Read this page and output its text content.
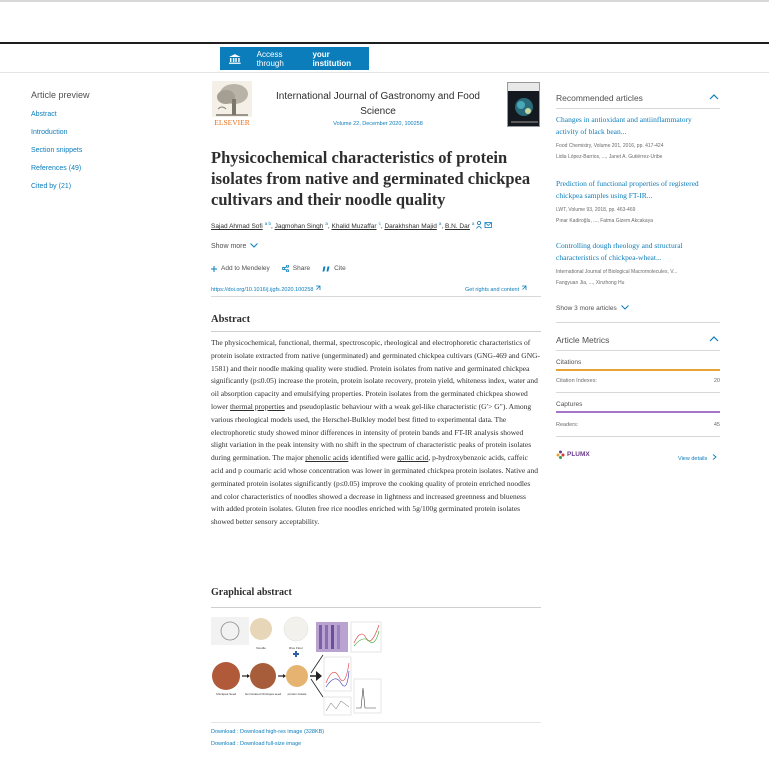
Access through

your institution
Article preview
Abstract
Introduction
Section snippets
References (49)
Cited by (21)
ELSEVIER
International Journal of Gastronomy and Food Science
Volume 22, December 2020, 100258
Physicochemical characteristics of protein isolates from native and germinated chickpea cultivars and their noodle quality
Sajad Ahmad Sofi $^{a b}$, Jagmohan Singh $^a$, Khalid Muzaffar $^c$, Darakhshan Majid $^a$, B.N. Dar $^a$
Show more
Add to Mendeley	Share	Cite
https://doi.org/10.1016/j.ijgfs.2020.100258	Get rights and content
Abstract

The physicochemical, functional, thermal, spectroscopic, rheological and electrophoretic characteristics of protein isolate extracted from native (ungerminated) and germinated chickpea cultivars (GNG-469 and GNG-1581) and their noodle making quality were studied. Protein isolates from native and germinated chickpea significantly (p≤0.05) increase the protein, protein isolate recovery, protein yield, whiteness index, water and oil absorption capacity and emulsifying properties. Protein isolates from the germinated chickpea showed lower thermal properties and pseudoplastic behaviour with a weak gel-like characteristic (G′> G″). Among various rheological models used, the Herschel-Bulkley model best fitted to experimental data. The electrophoretic study showed minor differences in intensity of protein bands and FT-IR analysis showed slight variation in the peak intensity with no shift in the spectrum of characteristic peaks of protein isolates during germination. The major phenolic acids identified were gallic acid, p-hydroxybenzoic acids, caffeic acid and p coumaric acid whose concentration was lower in germinated chickpea protein isolates. Native and germinated protein isolates significantly (p≤0.05) improve the cooking quality of protein enriched noodles and color characteristics of noodles showed a decrease in lightness and increased greenness and blueness with added protein isolates. Gluten free rice noodles enriched with 5g/100g germinated protein isolates showed better sensory acceptability.

Graphical abstract
Noodle	Rice Flour
Chickpea Seed	Germinated Chickpea seed protein Isolate
Download : Download high-res image (328KB)
Download : Download full-size image
Recommended articles
Changes in antioxidant and antiinflammatory activity of black bean...
Food Chemistry, Volume 201, 2016, pp. 417-424
Lidia López-Barrios, ..., Janet A. Gutiérrez-Uribe
Prediction of functional properties of registered chickpea samples using FT-IR...
LWT, Volume 93, 2018, pp. 463-469
Pınar Kadiroğlu, ..., Fatma Gizem Akcakaya
Controlling dough rheology and structural characteristics of chickpea-wheat...
International Journal of Biological Macromolecules, V...
Fangyuan Jia, ..., Xinzhong Hu
Show 3 more articles
Article Metrics
Citations
Citation Indexes:	20
Captures
Readers:	45
PLUMX
View details
